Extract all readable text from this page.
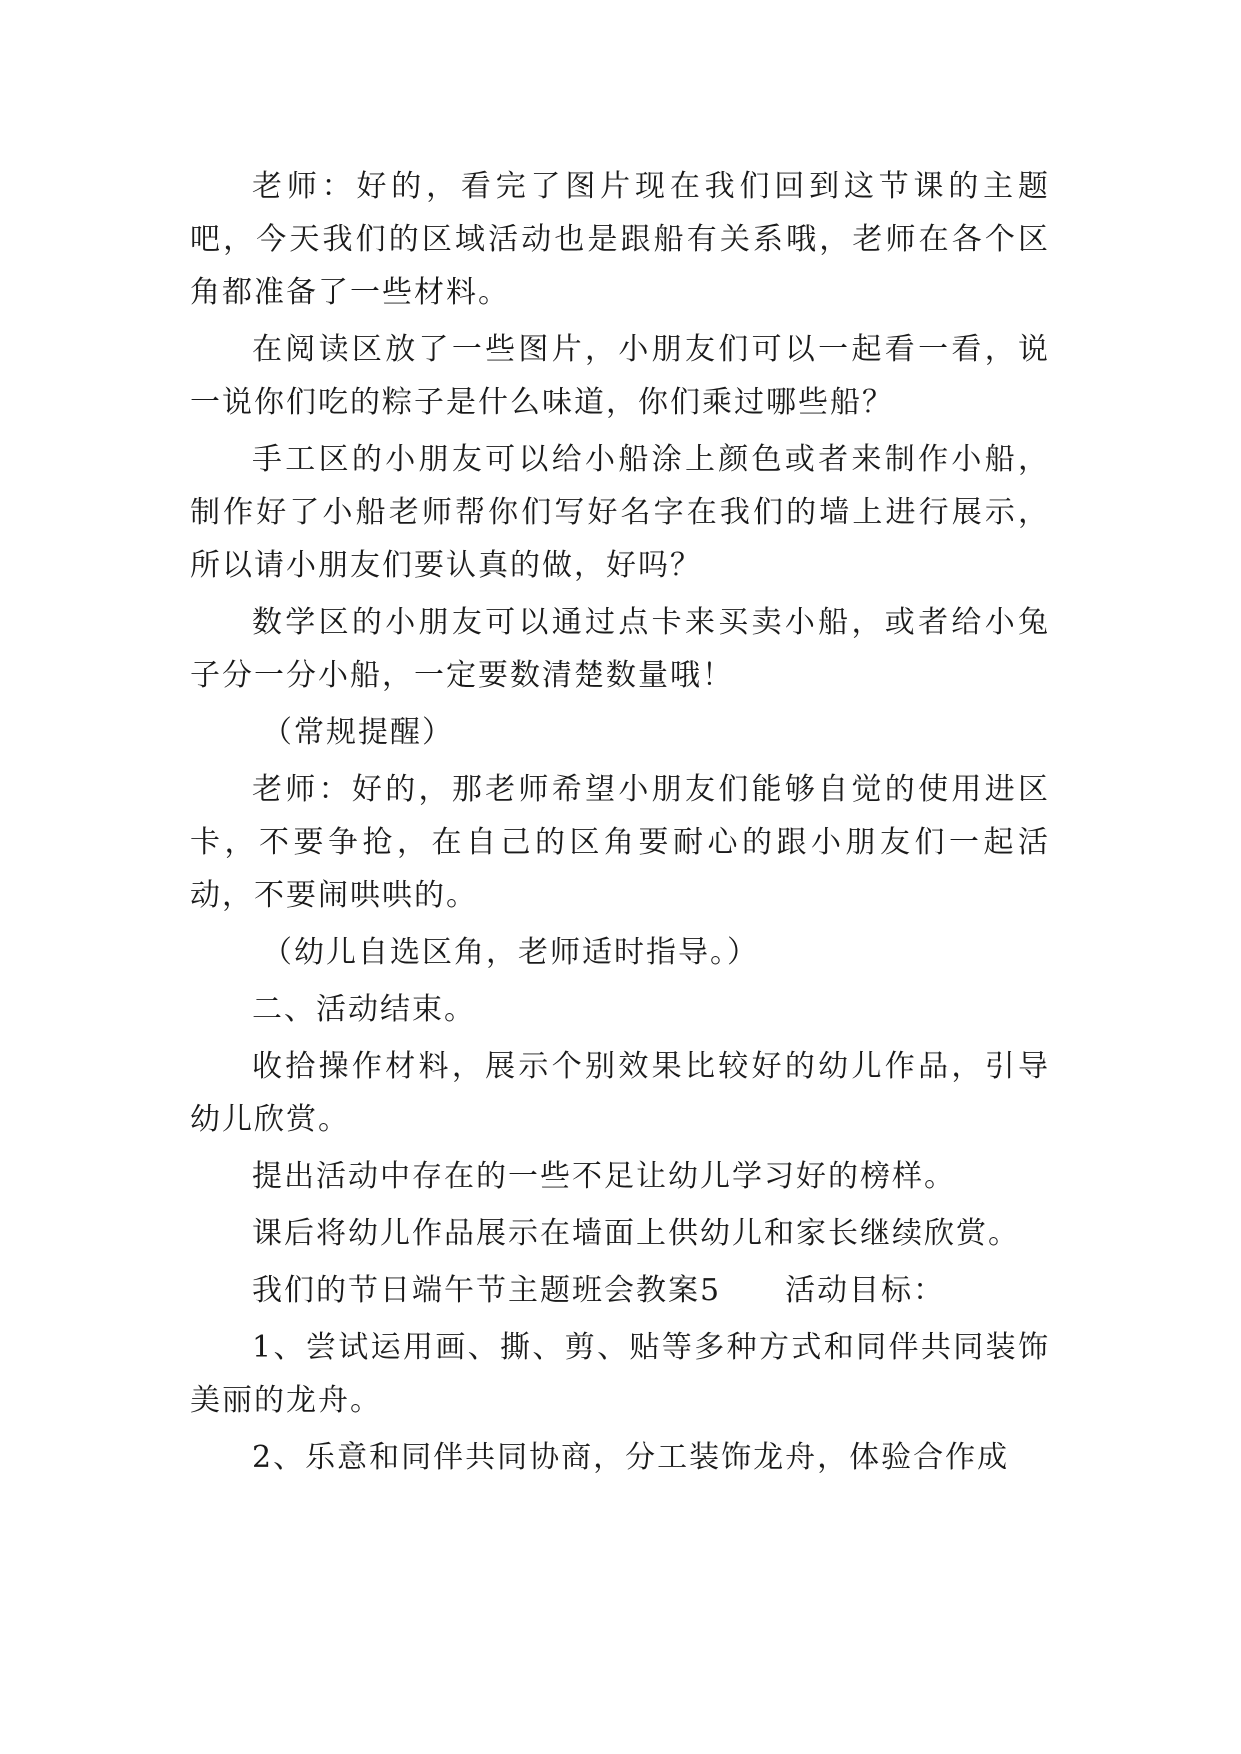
老师：好的，看完了图片现在我们回到这节课的主题吧，今天我们的区域活动也是跟船有关系哦，老师在各个区角都准备了一些材料。

在阅读区放了一些图片，小朋友们可以一起看一看，说一说你们吃的粽子是什么味道，你们乘过哪些船？

手工区的小朋友可以给小船涂上颜色或者来制作小船，制作好了小船老师帮你们写好名字在我们的墙上进行展示，所以请小朋友们要认真的做，好吗？

数学区的小朋友可以通过点卡来买卖小船，或者给小兔子分一分小船，一定要数清楚数量哦！

（常规提醒）

老师：好的，那老师希望小朋友们能够自觉的使用进区卡，不要争抢，在自己的区角要耐心的跟小朋友们一起活动，不要闹哄哄的。

（幼儿自选区角，老师适时指导。）

二、活动结束。

收拾操作材料，展示个别效果比较好的幼儿作品，引导幼儿欣赏。

提出活动中存在的一些不足让幼儿学习好的榜样。

课后将幼儿作品展示在墙面上供幼儿和家长继续欣赏。

我们的节日端午节主题班会教案5　　活动目标：

1、尝试运用画、撕、剪、贴等多种方式和同伴共同装饰美丽的龙舟。

2、乐意和同伴共同协商，分工装饰龙舟，体验合作成
